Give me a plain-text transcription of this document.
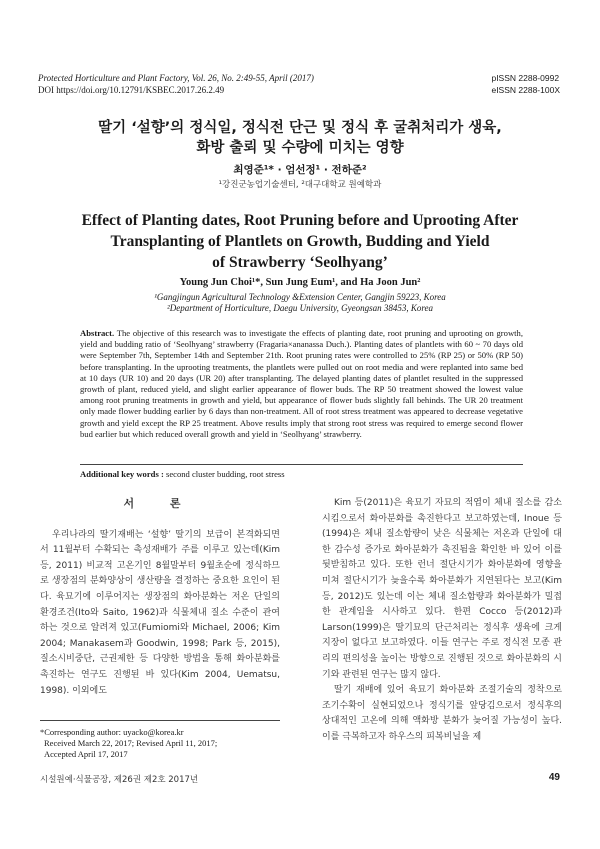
Protected Horticulture and Plant Factory, Vol. 26, No. 2:49-55, April (2017)
DOI https://doi.org/10.12791/KSBEC.2017.26.2.49
pISSN 2288-0992
eISSN 2288-100X
딸기 ‘설향’의 정식일, 정식전 단근 및 정식 후 굴취처리가 생육,
화방 출뢰 및 수량에 미치는 영향
최영준¹* · 엄선정¹ · 전하준²
¹강진군농업기술센터, ²대구대학교 원예학과
Effect of Planting dates, Root Pruning before and Uprooting After
Transplanting of Plantlets on Growth, Budding and Yield
of Strawberry ‘Seolhyang’
Young Jun Choi¹*, Sun Jung Eum¹, and Ha Joon Jun²
¹Gangjingun Agricultural Technology &Extension Center, Gangjin 59223, Korea
²Department of Horticulture, Daegu University, Gyeongsan 38453, Korea
Abstract. The objective of this research was to investigate the effects of planting date, root pruning and uprooting on growth, yield and budding ratio of ‘Seolhyang’ strawberry (Fragaria×ananassa Duch.). Planting dates of plantlets with 60 ~ 70 days old were September 7th, September 14th and September 21th. Root pruning rates were controlled to 25% (RP 25) or 50% (RP 50) before transplanting. In the uprooting treatments, the plantlets were pulled out on root media and were replanted into same bed at 10 days (UR 10) and 20 days (UR 20) after transplanting. The delayed planting dates of plantlet resulted in the suppressed growth of plant, reduced yield, and slight earlier appearance of flower buds. The RP 50 treatment showed the lowest value among root pruning treatments in growth and yield, but appearance of flower buds slightly fall behinds. The UR 20 treatment only made flower budding earlier by 6 days than non-treatment. All of root stress treatment was appeared to decrease vegetative growth and yield except the RP 25 treatment. Above results imply that strong root stress was required to emerge second flower bud earlier but which reduced overall growth and yield in ‘Seolhyang’ strawberry.
Additional key words : second cluster budding, root stress
서 론

우리나라의 딸기재배는 ‘설향’ 딸기의 보급이 본격화되면서 11월부터 수확되는 촉성재배가 주를 이루고 있는데(Kim 등, 2011) 비교적 고온기인 8월말부터 9월초순에 정식하므로 생장점의 분화양상이 생산량을 결정하는 중요한 요인이 된다. 육묘기에 이루어지는 생장점의 화아분화는 저온 단일의 환경조건(Ito와 Saito, 1962)과 식물체내 질소 수준이 관여하는 것으로 알려져 있고(Fumiomi와 Michael, 2006; Kim 2004; Manakasem과 Goodwin, 1998; Park 등, 2015), 질소시비중단, 근권제한 등 다양한 방법을 통해 화아분화를 촉진하는 연구도 진행된 바 있다(Kim 2004, Uematsu, 1998). 이외에도

Kim 등(2011)은 육묘기 자묘의 적엽이 체내 질소를 감소시킴으로서 화아분화를 촉진한다고 보고하였는데, Inoue 등(1994)은 체내 질소함량이 낮은 식물체는 저온과 단일에 대한 감수성 증가로 화아분화가 촉진됨을 확인한 바 있어 이를 뒷받침하고 있다. 또한 런너 절단시기가 화아분화에 영향을 미쳐 절단시기가 늦을수록 화아분화가 지연된다는 보고(Kim 등, 2012)도 있는데 이는 체내 질소함량과 화아분화가 밀접한 관계임을 시사하고 있다. 한편 Cocco 등(2012)과 Larson(1999)은 딸기묘의 단근처리는 정식후 생육에 크게 지장이 없다고 보고하였다. 이들 연구는 주로 정식전 모종 관리의 편의성을 높이는 방향으로 진행된 것으로 화아분화의 시기와 관련된 연구는 많지 않다.

딸기 재배에 있어 육묘기 화아분화 조절기술의 정착으로 조기수확이 실현되었으나 정식기를 앞당김으로서 정식후의 상대적인 고온에 의해 액화방 분화가 늦어질 가능성이 높다. 이를 극복하고자 하우스의 피복비닐을 제

*Corresponding author: uyacko@korea.kr
Received March 22, 2017; Revised April 11, 2017;
Accepted April 17, 2017
시설원예·식물공장, 제26권 제2호 2017년	49
